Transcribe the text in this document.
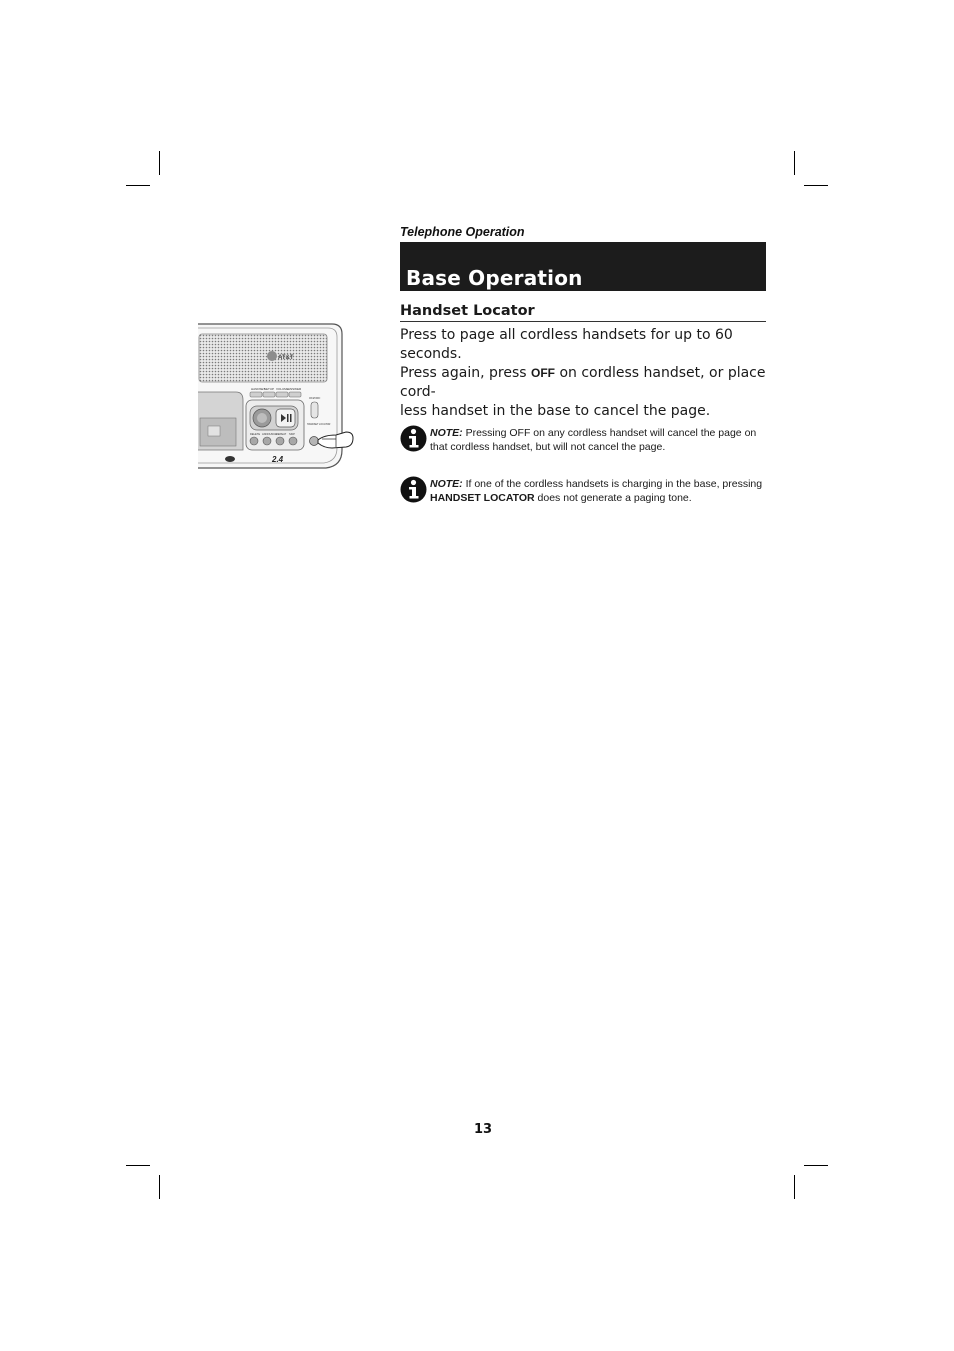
Telephone Operation
Base Operation
Handset Locator
Press to page all cordless handsets for up to 60 seconds.
Press again, press OFF on cordless handset, or place cord-
less handset in the base to cancel the page.
NOTE: Pressing OFF on any cordless handset will cancel the page on that cordless handset, but will not cancel the page.
NOTE: If one of the cordless handsets is charging in the base, pressing HANDSET LOCATOR does not generate a paging tone.
AT&T
HANDSET
SETUP VOLUME ANSWER
DELETE ANNOUNCE REPEAT SKIP
ON/OFF
HANDSET LOCATOR
2.4
13
